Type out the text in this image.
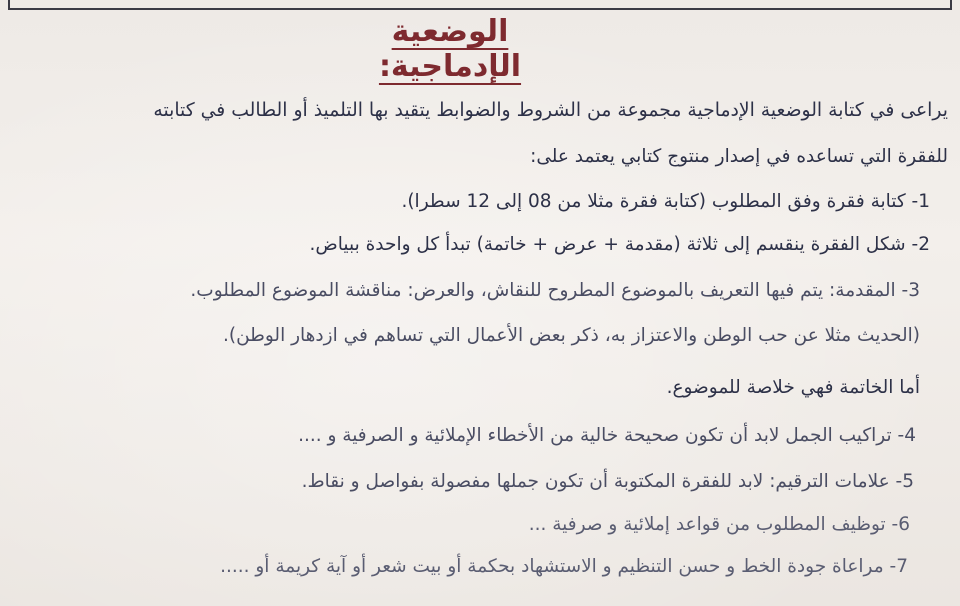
الوضعية الإدماجية:
يراعى في كتابة الوضعية الإدماجية مجموعة من الشروط والضوابط يتقيد بها التلميذ أو الطالب في كتابته
للفقرة التي تساعده في إصدار منتوج كتابي يعتمد على:
1- كتابة فقرة وفق المطلوب (كتابة فقرة مثلا من 08 إلى 12 سطرا).
2- شكل الفقرة ينقسم إلى ثلاثة (مقدمة + عرض + خاتمة) تبدأ كل واحدة ببياض.
3- المقدمة: يتم فيها التعريف بالموضوع المطروح للنقاش، والعرض: مناقشة الموضوع المطلوب.
(الحديث مثلا عن حب الوطن والاعتزاز به، ذكر بعض الأعمال التي تساهم في ازدهار الوطن).
أما الخاتمة فهي خلاصة للموضوع.
4- تراكيب الجمل لابد أن تكون صحيحة خالية من الأخطاء الإملائية و الصرفية و ....
5- علامات الترقيم: لابد للفقرة المكتوبة أن تكون جملها مفصولة بفواصل و نقاط.
6- توظيف المطلوب من قواعد إملائية و صرفية ...
7- مراعاة جودة الخط و حسن التنظيم و الاستشهاد بحكمة أو بيت شعر أو آية كريمة أو .....
